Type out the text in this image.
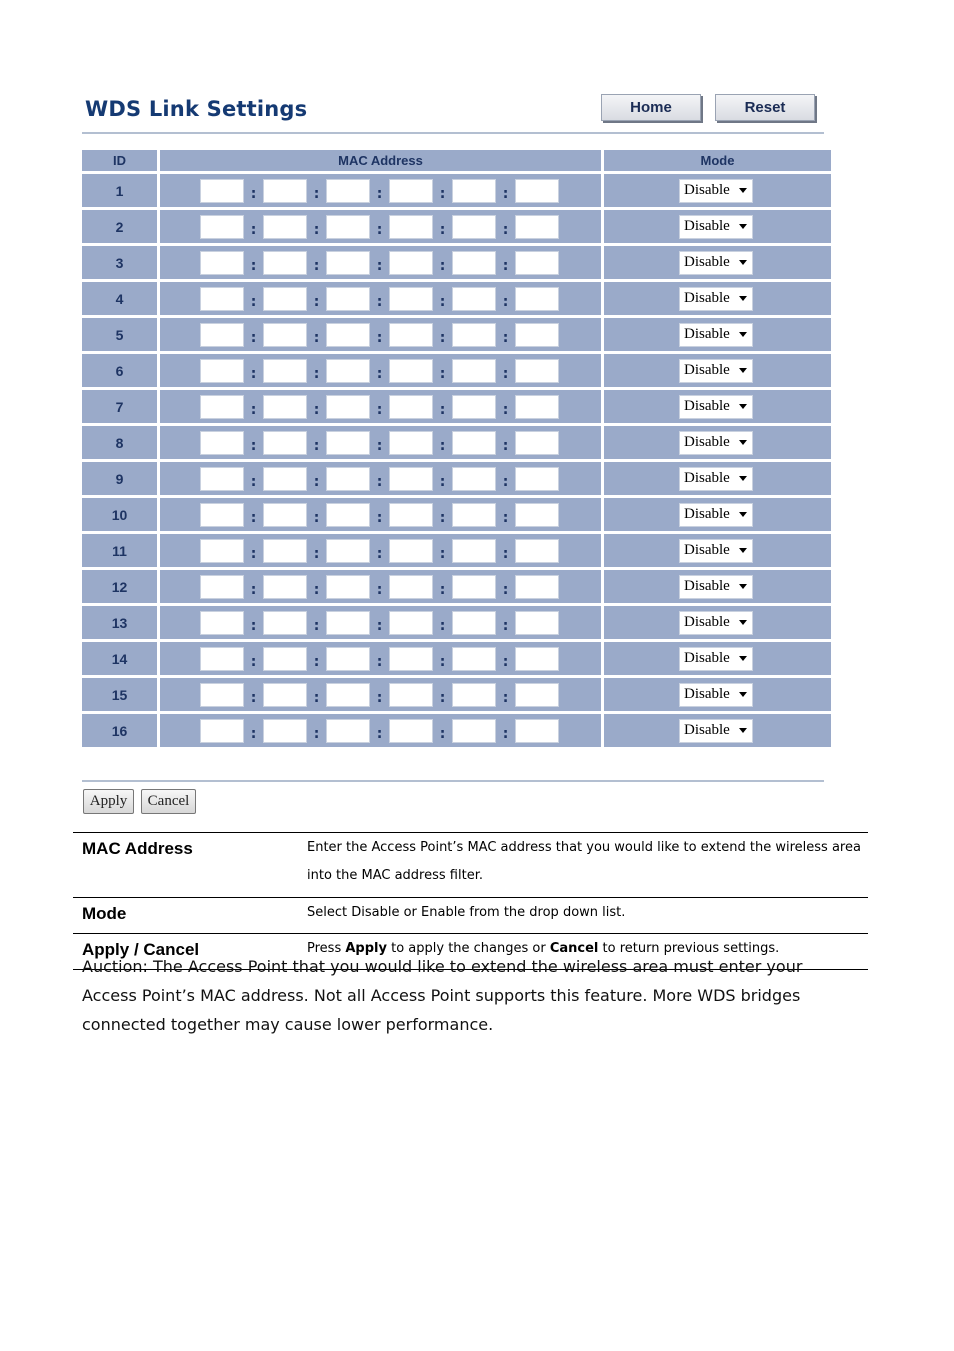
WDS Link Settings	Home	Reset
ID	MAC Address	Mode
1	: : : : :	Disable

2	: : : : :	Disable

3	: : : : :	Disable

4	: : : : :	Disable

5	: : : : :	Disable

6	: : : : :	Disable

7	: : : : :	Disable

8	: : : : :	Disable

9	: : : : :	Disable

10	: : : : :	Disable

11	: : : : :	Disable

12	: : : : :	Disable

13	: : : : :	Disable

14	: : : : :	Disable

15	: : : : :	Disable

16	: : : : :	Disable
Apply	Cancel
MAC Address	Enter the Access Point’s MAC address that you would like to extend the wireless area into the MAC address filter.
Mode	Select Disable or Enable from the drop down list.
Apply / Cancel	Press Apply to apply the changes or Cancel to return previous settings.
Auction: The Access Point that you would like to extend the wireless area must enter your Access Point’s MAC address. Not all Access Point supports this feature. More WDS bridges connected together may cause lower performance.
